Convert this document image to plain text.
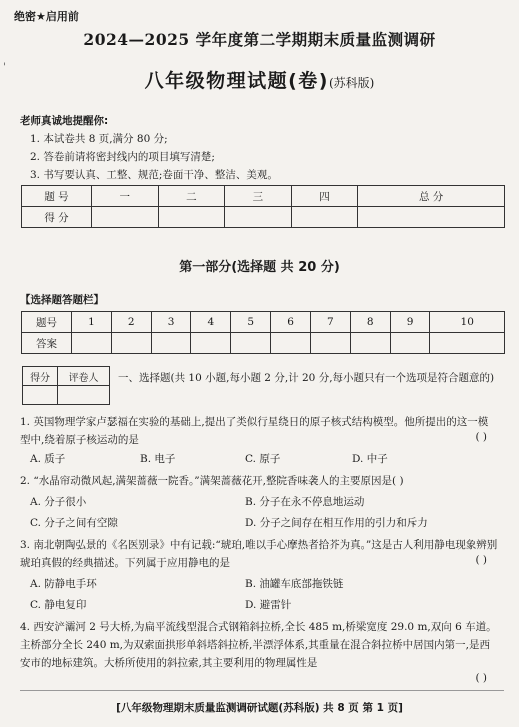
'
绝密★启用前
2024—2025 学年度第二学期期末质量监测调研
八年级物理试题(卷)(苏科版)
老师真诚地提醒你:
1. 本试卷共 8 页,满分 80 分;
2. 答卷前请将密封线内的项目填写清楚;
3. 书写要认真、工整、规范;卷面干净、整洁、美观。
题 号	一	二	三	四	总 分
得 分					
第一部分(选择题 共 20 分)
【选择题答题栏】
题号	1	2	3	4	5	6	7	8	9	10
答案										
得分	评卷人
	一、选择题(共 10 小题,每小题 2 分,计 20 分,每小题只有一个选项是符合题意的)
1. 英国物理学家卢瑟福在实验的基础上,提出了类似行星绕日的原子核式结构模型。他所提出的这一模型中,绕着原子核运动的是	( )
A. 质子	B. 电子	C. 原子	D. 中子
2. “水晶帘动微风起,满架蔷薇一院香。”满架蔷薇花开,整院香味袭人的主要原因是( )
A. 分子很小	B. 分子在永不停息地运动
C. 分子之间有空隙	D. 分子之间存在相互作用的引力和斥力
3. 南北朝陶弘景的《名医别录》中有记载:“琥珀,唯以手心摩热者拾芥为真。”这是古人利用静电现象辨别琥珀真假的经典描述。下列属于应用静电的是	( )
A. 防静电手环	B. 油罐车底部拖铁链
C. 静电复印	D. 避雷针
4. 西安浐灞河 2 号大桥,为扁平流线型混合式钢箱斜拉桥,全长 485 m,桥梁宽度 29.0 m,双向 6 车道。主桥部分全长 240 m,为双索面拱形单斜塔斜拉桥,半漂浮体系,其重量在混合斜拉桥中居国内第一,是西安市的地标建筑。大桥所使用的斜拉索,其主要利用的物理属性是
( )
[八年级物理期末质量监测调研试题(苏科版) 共 8 页 第 1 页]
